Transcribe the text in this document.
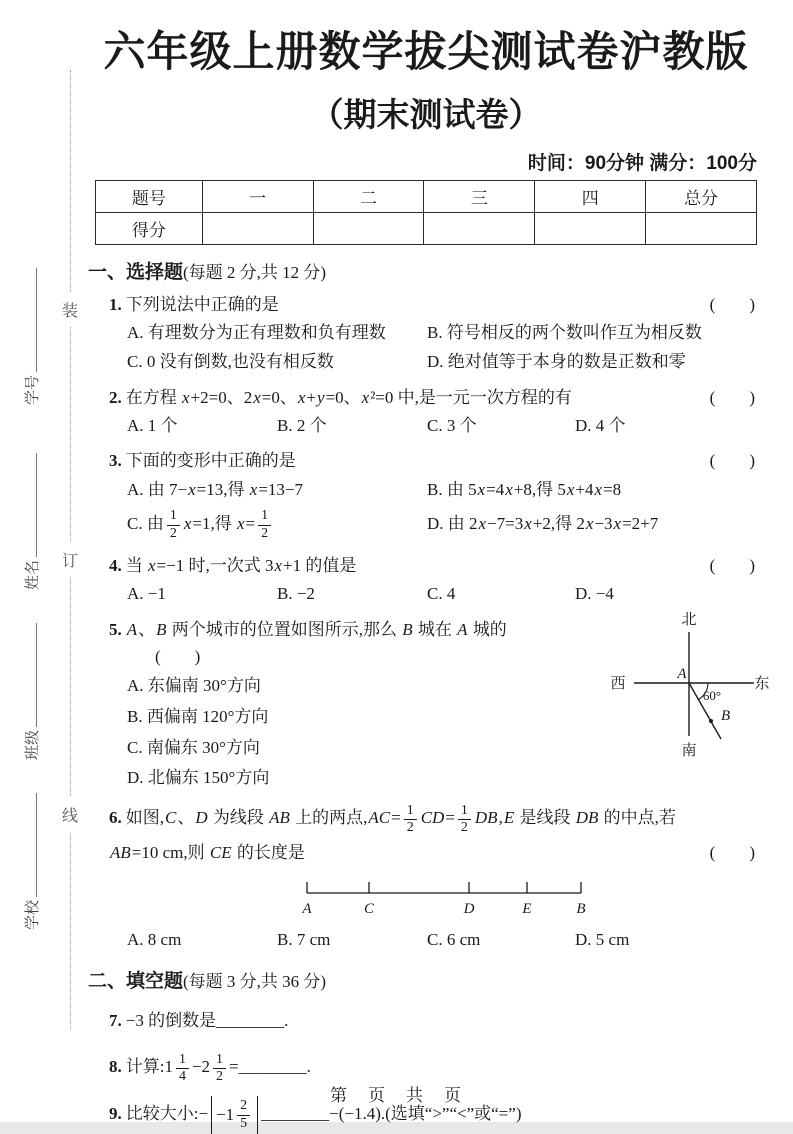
装
订
线
学号
姓名
班级
学校
六年级上册数学拔尖测试卷沪教版
（期末测试卷）
时间：90分钟 满分：100分
题号	一	二	三	四	总分
得分					
一、选择题(每题 2 分,共 12 分)
1. 下列说法中正确的是	(　　)
A. 有理数分为正有理数和负有理数	B. 符号相反的两个数叫作互为相反数
C. 0 没有倒数,也没有相反数	D. 绝对值等于本身的数是正数和零
2. 在方程 x+2=0、2x=0、x+y=0、x²=0 中,是一元一次方程的有	(　　)
A. 1 个	B. 2 个	C. 3 个	D. 4 个
3. 下面的变形中正确的是	(　　)
A. 由 7−x=13,得 x=13−7	B. 由 5x=4x+8,得 5x+4x=8
C. 由 $\frac{1}{2} x=1$,得 $x= \frac{1}{2}$	D. 由 2x−7=3x+2,得 2x−3x=2+7
4. 当 x=−1 时,一次式 3x+1 的值是	(　　)
A. −1	B. −2	C. 4	D. −4
5. A、B 两个城市的位置如图所示,那么 B 城在 A 城的(　　)
A. 东偏南 30°方向
B. 西偏南 120°方向
C. 南偏东 30°方向
D. 北偏东 150°方向
北
南
西	东
A
60°
B
6. 如图,C、D 为线段 AB 上的两点$,AC= \frac{1}{2} CD= \frac{1}{2} DB,E$ 是线段 DB 的中点,若 AB=10 cm,则 CE 的长度是	(　　)
A	C	D	E	B
A. 8 cm	B. 7 cm	C. 6 cm	D. 5 cm
二、填空题(每题 3 分,共 36 分)
7. −3 的倒数是________.
8. 计算:1 $\frac{1}{4} -2 \frac{1}{2}$ =________.
9. 比较大小:− $-1 \frac{2}{5}$ ________−(−1.4).(选填“>”“<”或“=”)
第　页　共　页
